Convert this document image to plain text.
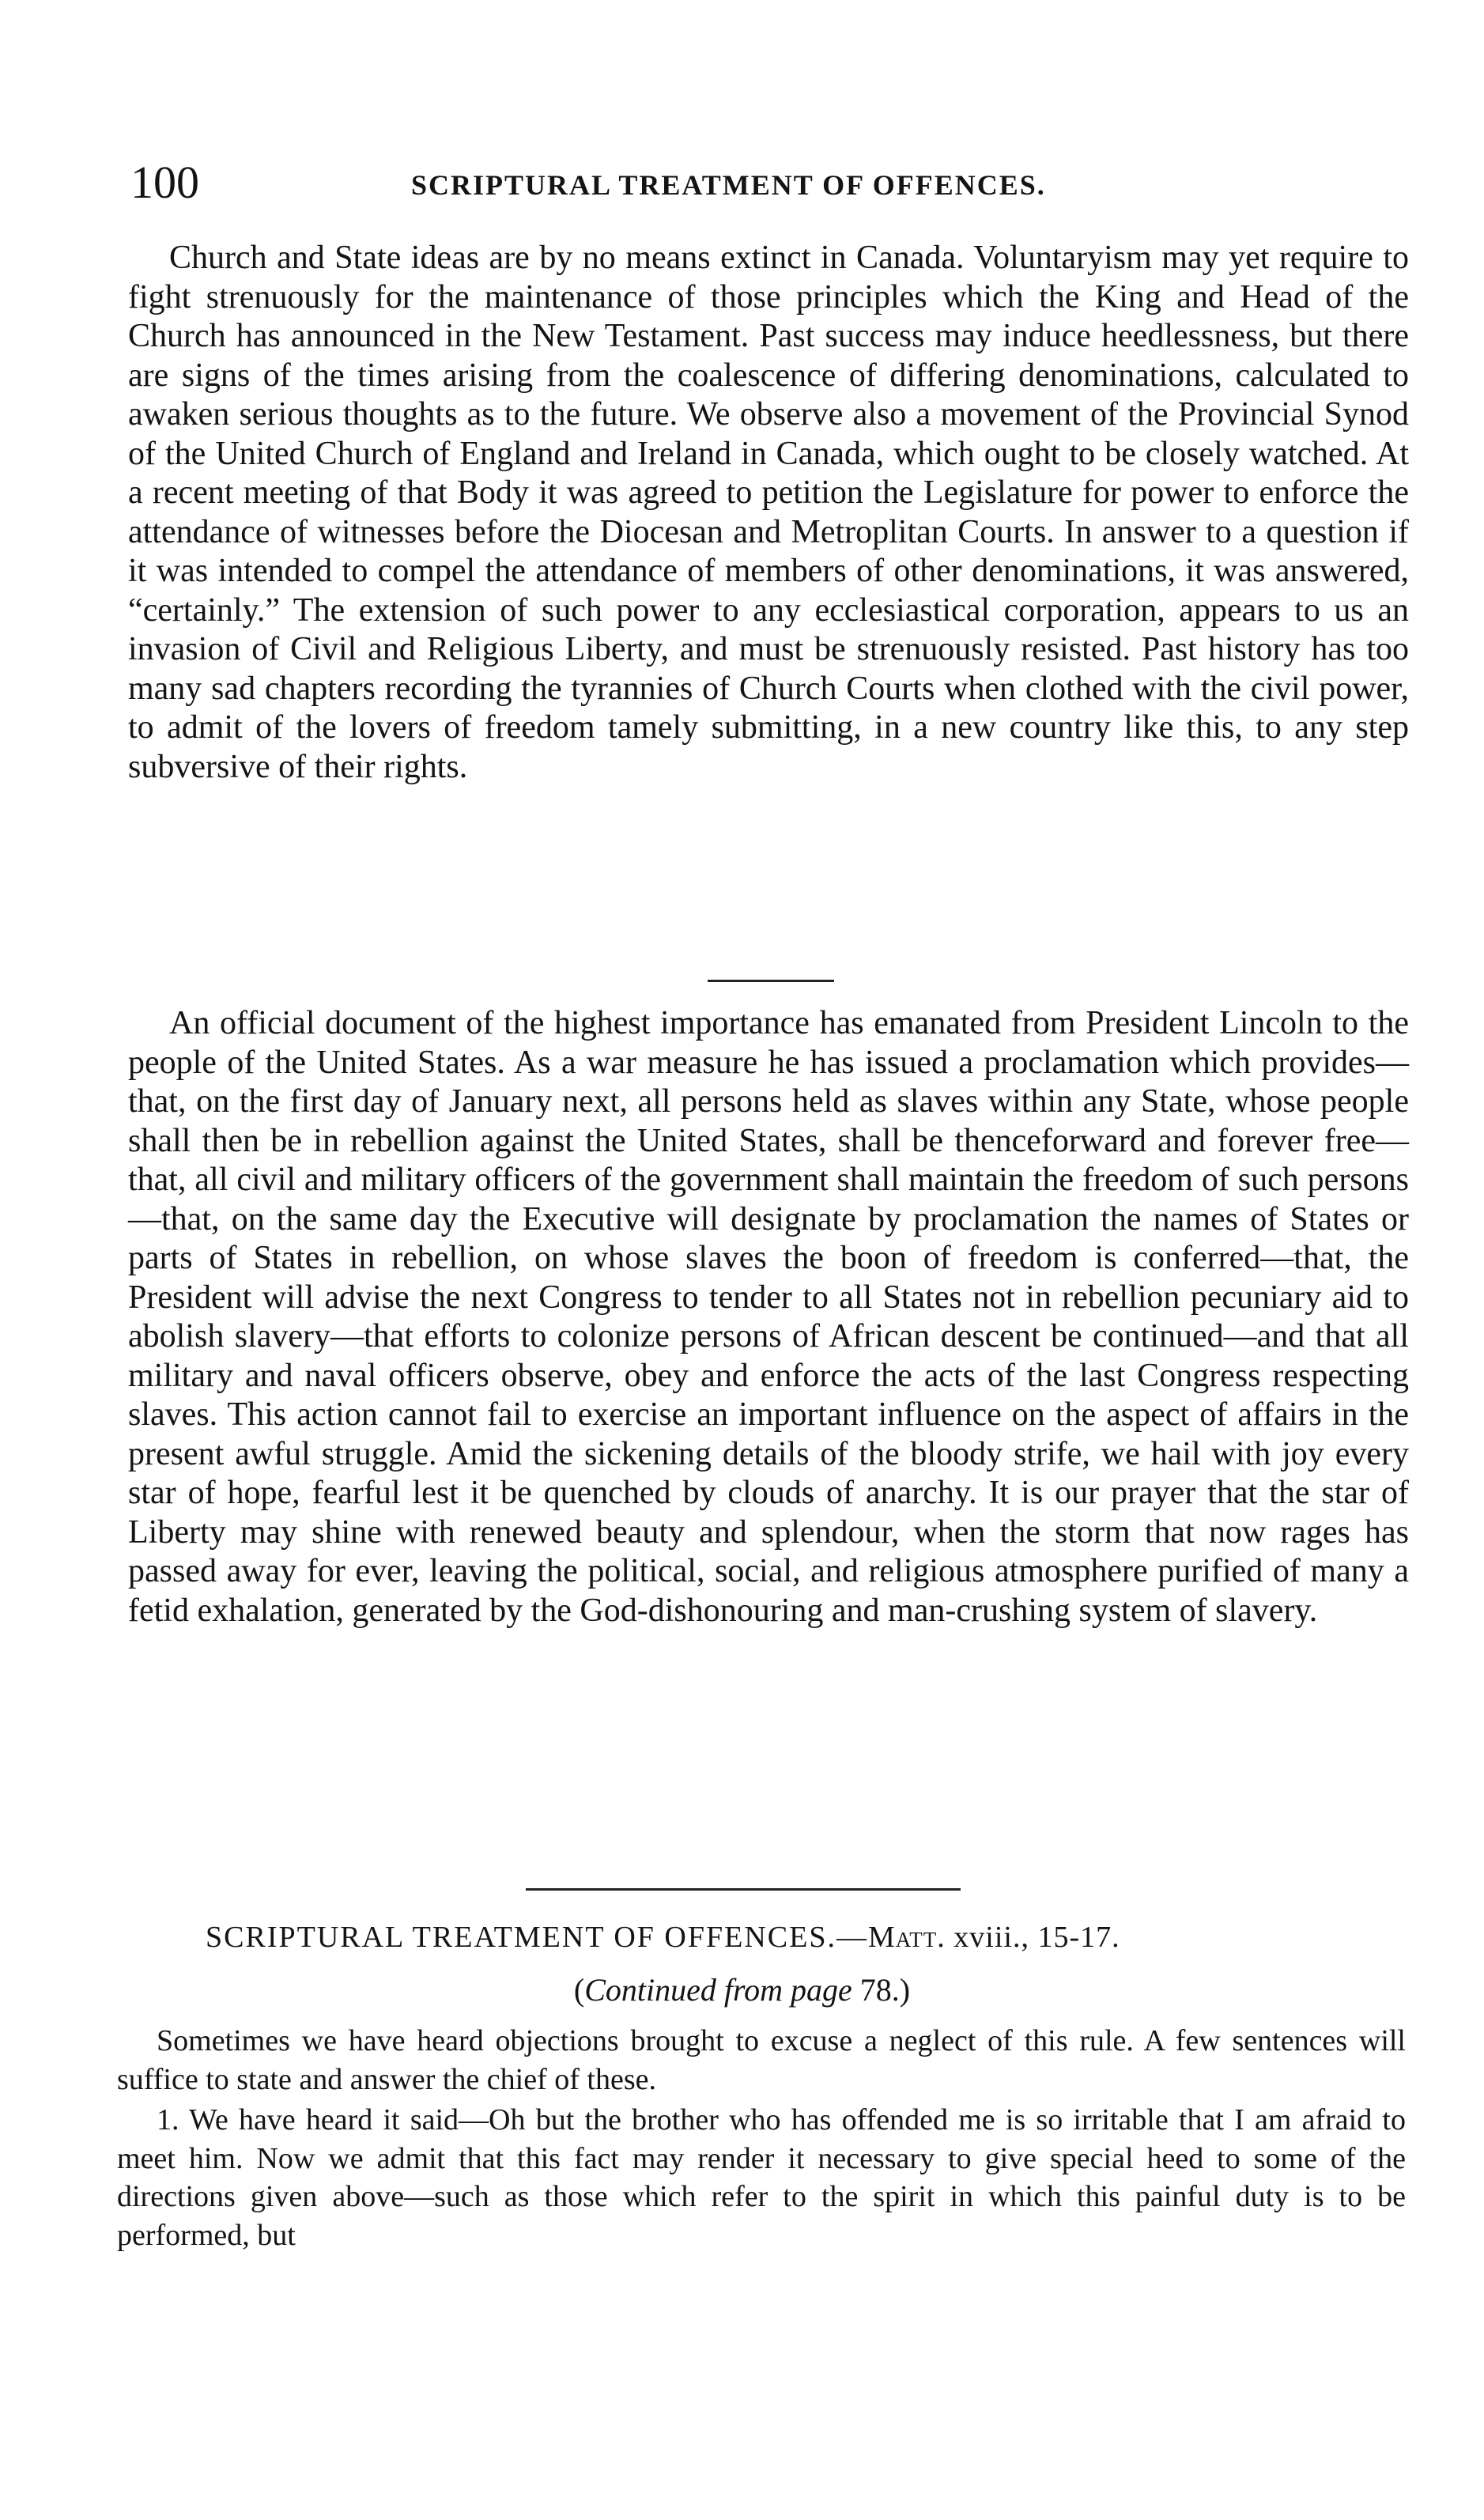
100	SCRIPTURAL TREATMENT OF OFFENCES.

Church and State ideas are by no means extinct in Canada. Voluntaryism may yet require to fight strenuously for the maintenance of those principles which the King and Head of the Church has announced in the New Testament. Past success may induce heedlessness, but there are signs of the times arising from the coalescence of differing denominations, calculated to awaken serious thoughts as to the future. We observe also a movement of the Provincial Synod of the United Church of England and Ireland in Canada, which ought to be closely watched. At a recent meeting of that Body it was agreed to petition the Legislature for power to enforce the attendance of witnesses before the Diocesan and Metroplitan Courts. In answer to a question if it was intended to compel the attendance of members of other denominations, it was answered, “certainly.” The extension of such power to any ecclesiastical corporation, appears to us an invasion of Civil and Religious Liberty, and must be strenuously resisted. Past history has too many sad chapters recording the tyrannies of Church Courts when clothed with the civil power, to admit of the lovers of freedom tamely submitting, in a new country like this, to any step subversive of their rights.

An official document of the highest importance has emanated from President Lincoln to the people of the United States. As a war measure he has issued a proclamation which provides—that, on the first day of January next, all persons held as slaves within any State, whose people shall then be in rebellion against the United States, shall be thenceforward and forever free—that, all civil and military officers of the government shall maintain the freedom of such persons—that, on the same day the Executive will designate by proclamation the names of States or parts of States in rebellion, on whose slaves the boon of freedom is conferred—that, the President will advise the next Congress to tender to all States not in rebellion pecuniary aid to abolish slavery—that efforts to colonize persons of African descent be continued—and that all military and naval officers observe, obey and enforce the acts of the last Congress respecting slaves. This action cannot fail to exercise an important influence on the aspect of affairs in the present awful struggle. Amid the sickening details of the bloody strife, we hail with joy every star of hope, fearful lest it be quenched by clouds of anarchy. It is our prayer that the star of Liberty may shine with renewed beauty and splendour, when the storm that now rages has passed away for ever, leaving the political, social, and religious atmosphere purified of many a fetid exhalation, generated by the God-dishonouring and man-crushing system of slavery.

SCRIPTURAL TREATMENT OF OFFENCES.—Matt. xviii., 15-17.
(Continued from page 78.)

Sometimes we have heard objections brought to excuse a neglect of this rule. A few sentences will suffice to state and answer the chief of these.

1. We have heard it said—Oh but the brother who has offended me is so irritable that I am afraid to meet him. Now we admit that this fact may render it necessary to give special heed to some of the directions given above—such as those which refer to the spirit in which this painful duty is to be performed, but
